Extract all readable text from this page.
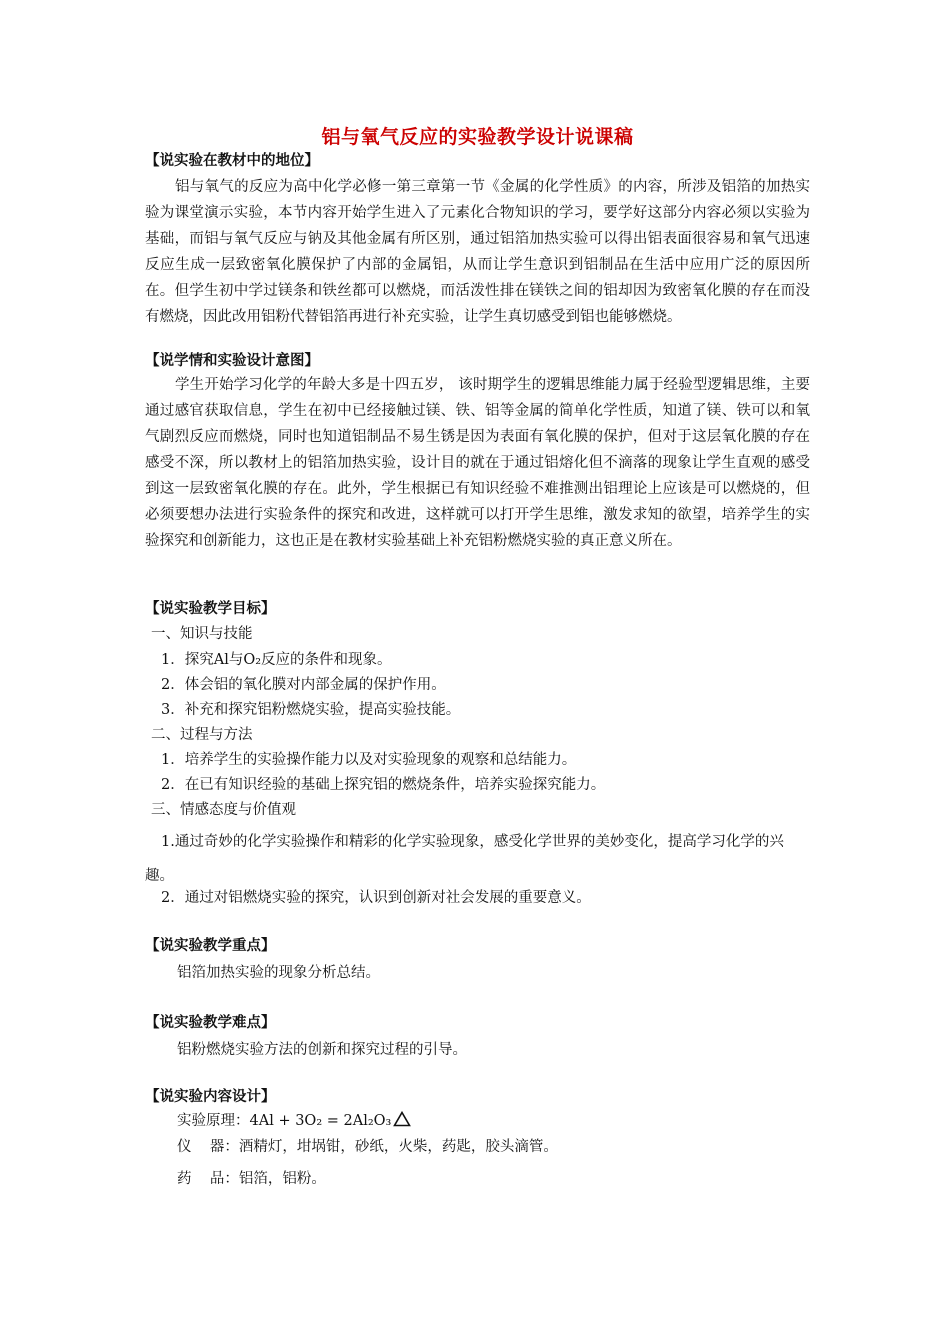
铝与氧气反应的实验教学设计说课稿
【说实验在教材中的地位】

铝与氧气的反应为高中化学必修一第三章第一节《金属的化学性质》的内容，所涉及铝箔的加热实验为课堂演示实验，本节内容开始学生进入了元素化合物知识的学习，要学好这部分内容必须以实验为基础，而铝与氧气反应与钠及其他金属有所区别，通过铝箔加热实验可以得出铝表面很容易和氧气迅速反应生成一层致密氧化膜保护了内部的金属铝，从而让学生意识到铝制品在生活中应用广泛的原因所在。但学生初中学过镁条和铁丝都可以燃烧，而活泼性排在镁铁之间的铝却因为致密氧化膜的存在而没有燃烧，因此改用铝粉代替铝箔再进行补充实验，让学生真切感受到铝也能够燃烧。

【说学情和实验设计意图】

学生开始学习化学的年龄大多是十四五岁， 该时期学生的逻辑思维能力属于经验型逻辑思维，主要通过感官获取信息，学生在初中已经接触过镁、铁、铝等金属的简单化学性质，知道了镁、铁可以和氧气剧烈反应而燃烧，同时也知道铝制品不易生锈是因为表面有氧化膜的保护，但对于这层氧化膜的存在感受不深，所以教材上的铝箔加热实验，设计目的就在于通过铝熔化但不滴落的现象让学生直观的感受到这一层致密氧化膜的存在。此外，学生根据已有知识经验不难推测出铝理论上应该是可以燃烧的，但必须要想办法进行实验条件的探究和改进，这样就可以打开学生思维，激发求知的欲望，培养学生的实验探究和创新能力，这也正是在教材实验基础上补充铝粉燃烧实验的真正意义所在。

【说实验教学目标】
一、知识与技能
1．探究Al与O₂反应的条件和现象。
2．体会铝的氧化膜对内部金属的保护作用。
3．补充和探究铝粉燃烧实验，提高实验技能。
二、过程与方法
1．培养学生的实验操作能力以及对实验现象的观察和总结能力。
2．在已有知识经验的基础上探究铝的燃烧条件，培养实验探究能力。
三、情感态度与价值观

1.通过奇妙的化学实验操作和精彩的化学实验现象，感受化学世界的美妙变化，提高学习化学的兴趣。

2．通过对铝燃烧实验的探究，认识到创新对社会发展的重要意义。
【说实验教学重点】
铝箔加热实验的现象分析总结。
【说实验教学难点】
铝粉燃烧实验方法的创新和探究过程的引导。
【说实验内容设计】
实验原理：4Al + 3O₂ = 2Al₂O₃
仪    器：酒精灯，坩埚钳，砂纸，火柴，药匙，胶头滴管。
药    品：铝箔，铝粉。
